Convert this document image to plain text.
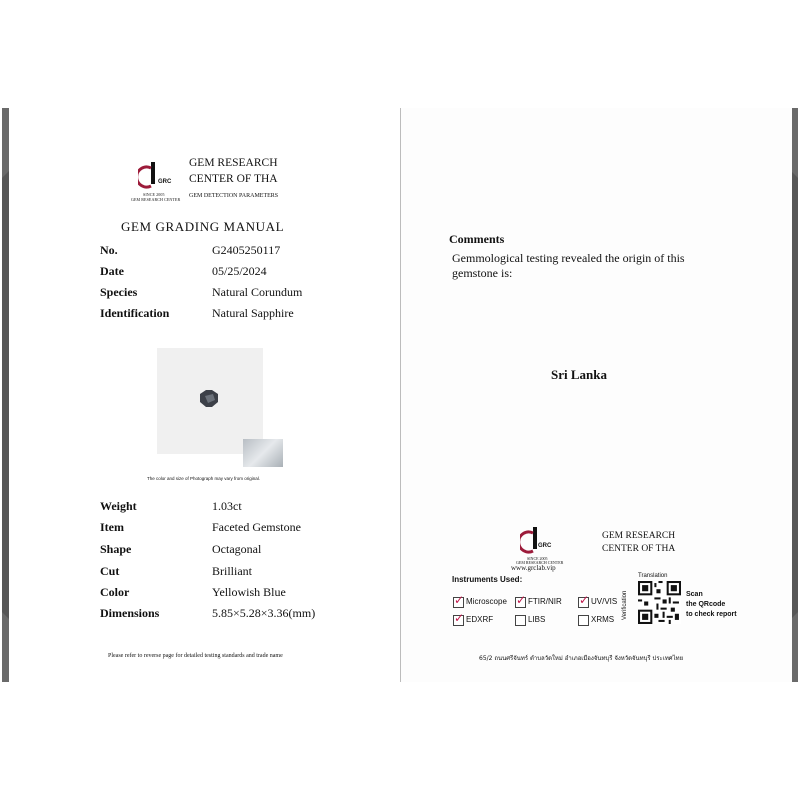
GRC
SINCE 2005
GEM RESEARCH CENTER
GEM RESEARCH
CENTER OF THA
GEM DETECTION PARAMETERS
GEM GRADING MANUAL
No.	G2405250117
Date	05/25/2024
Species	Natural Corundum
Identification	Natural Sapphire
The color and size of Photograph may vary from original.
Weight	1.03ct
Item	Faceted Gemstone
Shape	Octagonal
Cut	Brilliant
Color	Yellowish Blue
Dimensions	5.85×5.28×3.36(mm)
Please refer to reverse page for detailed testing standards and trade name
Comments
Gemmological testing revealed the origin of this
gemstone is:
Sri Lanka
GRC
SINCE 2005
GEM RESEARCH CENTER
www.grclab.vip
GEM RESEARCH
CENTER OF THA
Instruments Used:
✓ Microscope ✓ FTIR/NIR ✓ UV/VIS
✓ EDXRF	LIBS	XRMS
Translation
Verification	Scan
the QRcode
to check report
65/2 ถนนศรีจันทร์ ตำบลวัดใหม่ อำเภอเมืองจันทบุรี จังหวัดจันทบุรี ประเทศไทย
